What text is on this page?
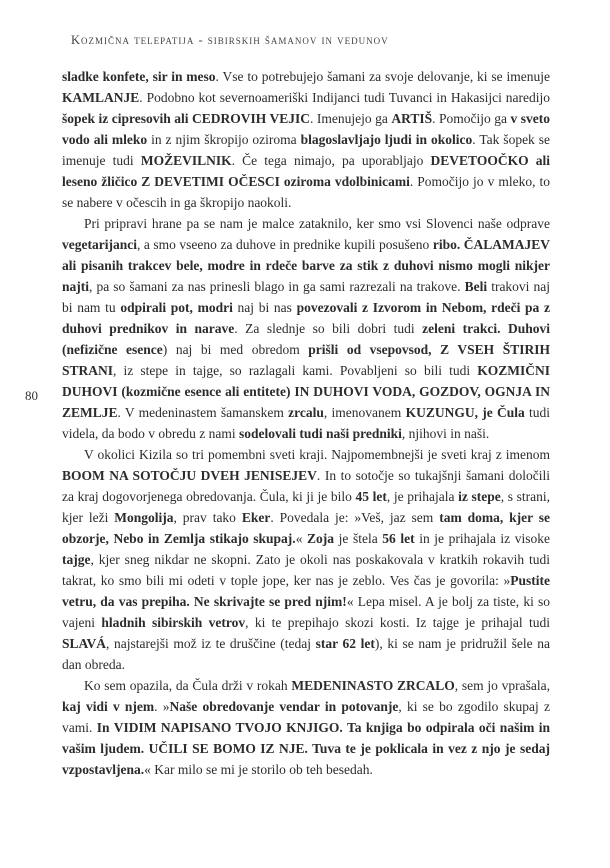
Kozmična telepatija - sibirskih šamanov in vedunov
80

sladke konfete, sir in meso. Vse to potrebujejo šamani za svoje delovanje, ki se imenuje KAMLANJE. Podobno kot severnoameriški Indijanci tudi Tuvanci in Hakasijci naredijo šopek iz cipresovih ali CEDROVIH VEJIC. Imenujejo ga ARTIŠ. Pomočijo ga v sveto vodo ali mleko in z njim škropijo oziroma blagoslavljajo ljudi in okolico. Tak šopek se imenuje tudi MOŽEVILNIK. Če tega nimajo, pa uporabljajo DEVETOOČKO ali leseno žličico Z DEVETIMI OČESCI oziroma vdolbinicami. Pomočijo jo v mleko, to se nabere v očescih in ga škropijo naokoli.

Pri pripravi hrane pa se nam je malce zataknilo, ker smo vsi Slovenci naše odprave vegetarijanci, a smo vseeno za duhove in prednike kupili posušeno ribo. ČALAMAJEV ali pisanih trakcev bele, modre in rdeče barve za stik z duhovi nismo mogli nikjer najti, pa so šamani za nas prinesli blago in ga sami razrezali na trakove. Beli trakovi naj bi nam tu odpirali pot, modri naj bi nas povezovali z Izvorom in Nebom, rdeči pa z duhovi prednikov in narave. Za slednje so bili dobri tudi zeleni trakci. Duhovi (nefizične esence) naj bi med obredom prišli od vsepovsod, Z VSEH ŠTIRIH STRANI, iz stepe in tajge, so razlagali kami. Povabljeni so bili tudi KOZMIČNI DUHOVI (kozmične esence ali entitete) IN DUHOVI VODA, GOZDOV, OGNJA IN ZEMLJE. V medeninastem šamanskem zrcalu, imenovanem KUZUNGU, je Čula tudi videla, da bodo v obredu z nami sodelovali tudi naši predniki, njihovi in naši.

V okolici Kizila so tri pomembni sveti kraji. Najpomembnejši je sveti kraj z imenom BOOM NA SOTOČJU DVEH JENISEJEV. In to sotočje so tukajšnji šamani določili za kraj dogovorjenega obredovanja. Čula, ki ji je bilo 45 let, je prihajala iz stepe, s strani, kjer leži Mongolija, prav tako Eker. Povedala je: »Veš, jaz sem tam doma, kjer se obzorje, Nebo in Zemlja stikajo skupaj.« Zoja je štela 56 let in je prihajala iz visoke tajge, kjer sneg nikdar ne skopni. Zato je okoli nas poskakovala v kratkih rokavih tudi takrat, ko smo bili mi odeti v tople jope, ker nas je zeblo. Ves čas je govorila: »Pustite vetru, da vas prepiha. Ne skrivajte se pred njim!« Lepa misel. A je bolj za tiste, ki so vajeni hladnih sibirskih vetrov, ki te prepihajo skozi kosti. Iz tajge je prihajal tudi SLAVÁ, najstarejši mož iz te druščine (tedaj star 62 let), ki se nam je pridružil šele na dan obreda.

Ko sem opazila, da Čula drži v rokah MEDENINASTO ZRCALO, sem jo vprašala, kaj vidi v njem. »Naše obredovanje vendar in potovanje, ki se bo zgodilo skupaj z vami. In VIDIM NAPISANO TVOJO KNJIGO. Ta knjiga bo odpirala oči našim in vašim ljudem. UČILI SE BOMO IZ NJE. Tuva te je poklicala in vez z njo je sedaj vzpostavljena.« Kar milo se mi je storilo ob teh besedah.
